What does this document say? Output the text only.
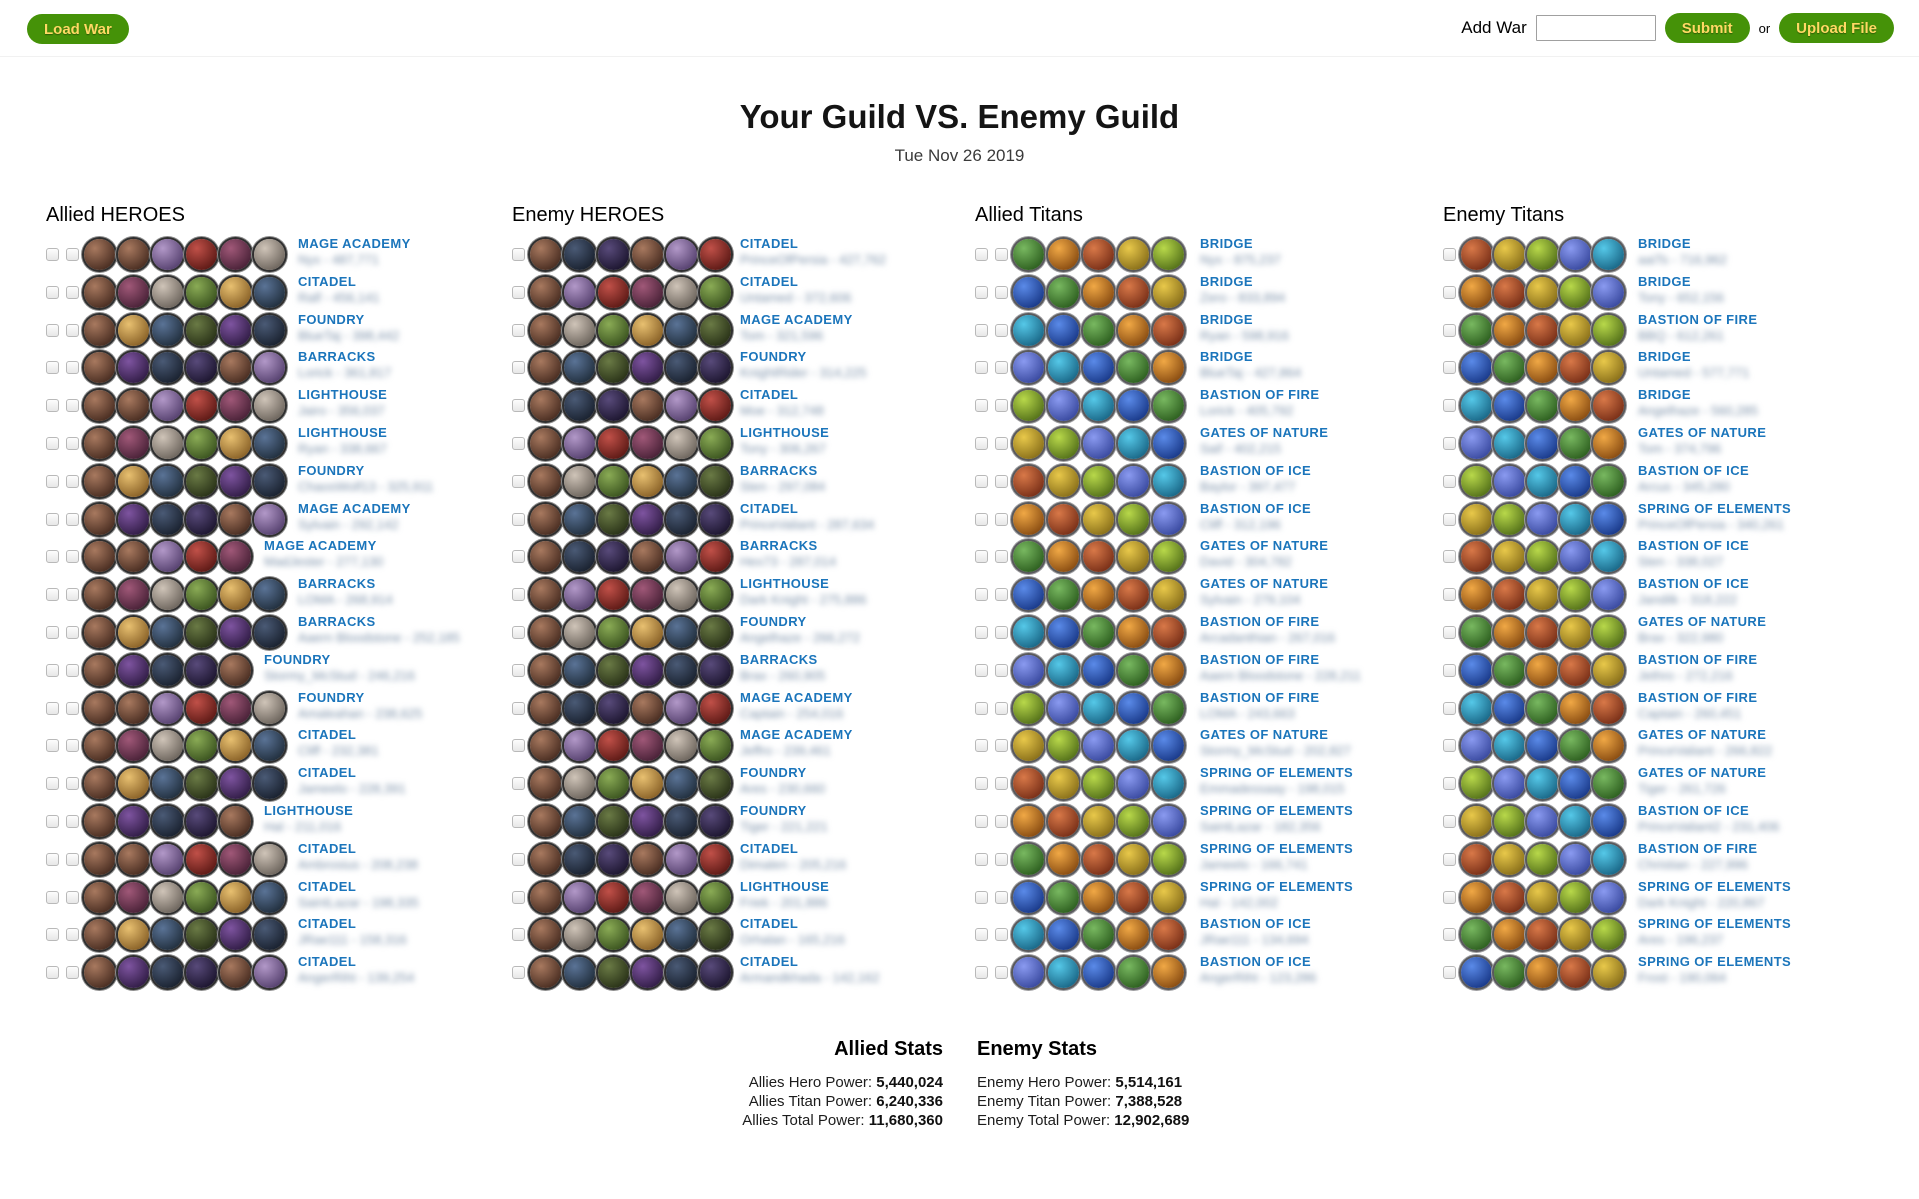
Load War	Add War	Submit	or	Upload File
Your Guild VS. Enemy Guild
Tue Nov 26 2019
Allied HEROES
MAGE ACADEMY
Nyx - 487,771
CITADEL
Ralf - 456,141
FOUNDRY
BlueTaj - 398,442
BARRACKS
Lorick - 361,817
LIGHTHOUSE
Jairo - 356,037
LIGHTHOUSE
Ryan - 338,667
FOUNDRY
ChaosWolf13 - 325,911
MAGE ACADEMY
Sylvain - 292,142
MAGE ACADEMY
MadJester - 277,130
BARRACKS
LOMA - 268,914
BARRACKS
Aaern Bloodstone - 252,185
FOUNDRY
Stormy_McStud - 246,216
FOUNDRY
Amaleahan - 238,625
CITADEL
Cliff - 232,381
CITADEL
Jameelo - 228,391
LIGHTHOUSE
Hal - 211,016
CITADEL
Ambrosius - 208,238
CITADEL
SaintLazar - 198,335
CITADEL
JRae111 - 158,316
CITADEL
AngerRiht - 139,254
Enemy HEROES
CITADEL
PrinceOfPersia - 427,762
CITADEL
Untamed - 372,606
MAGE ACADEMY
Tom - 321,596
FOUNDRY
KnightRider - 314,225
CITADEL
Moe - 312,748
LIGHTHOUSE
Tony - 306,267
BARRACKS
Sten - 297,084
CITADEL
PrinceValiant - 287,634
BARRACKS
Hex73 - 287,014
LIGHTHOUSE
Dark Knight - 275,886
FOUNDRY
Angelhaze - 266,272
BARRACKS
Brax - 260,905
MAGE ACADEMY
Captain - 254,016
MAGE ACADEMY
Jeffro - 239,461
FOUNDRY
Ares - 230,660
FOUNDRY
Tiger - 221,221
CITADEL
Dimalen - 205,216
LIGHTHOUSE
Friek - 201,886
CITADEL
Orhalan - 165,216
CITADEL
Armandkhada - 142,162
Allied Titans
BRIDGE
Nyx - 875,237
BRIDGE
Zero - 833,894
BRIDGE
Ryan - 598,916
BRIDGE
BlueTaj - 427,864
BASTION OF FIRE
Lorick - 405,792
GATES OF NATURE
Saif - 402,215
BASTION OF ICE
Baylor - 397,477
BASTION OF ICE
Cliff - 312,196
GATES OF NATURE
David - 304,782
GATES OF NATURE
Sylvain - 279,104
BASTION OF FIRE
Arcadanthian - 267,016
BASTION OF FIRE
Aaern Bloodstone - 228,211
BASTION OF FIRE
LOMA - 243,663
GATES OF NATURE
Stormy_McStud - 202,827
SPRING OF ELEMENTS
Emmadessaay - 198,015
SPRING OF ELEMENTS
SaintLazar - 182,356
SPRING OF ELEMENTS
Jameelo - 166,741
SPRING OF ELEMENTS
Hal - 142,002
BASTION OF ICE
JRae111 - 134,694
BASTION OF ICE
AngerRiht - 123,286
Enemy Titans
BRIDGE
aaiTs - 716,962
BRIDGE
Tony - 652,156
BASTION OF FIRE
BBQ - 612,261
BRIDGE
Untamed - 577,771
BRIDGE
Angelhaze - 560,285
GATES OF NATURE
Tom - 374,796
BASTION OF ICE
Arcus - 345,280
SPRING OF ELEMENTS
PrinceOfPersia - 340,261
BASTION OF ICE
Sten - 338,027
BASTION OF ICE
Jandilk - 318,222
GATES OF NATURE
Brax - 322,980
BASTION OF FIRE
Jethro - 272,216
BASTION OF FIRE
Captain - 260,451
GATES OF NATURE
PrinceValiant - 266,822
GATES OF NATURE
Tiger - 261,726
BASTION OF ICE
PrinceValiant2 - 231,406
BASTION OF FIRE
Christian - 227,996
SPRING OF ELEMENTS
Dark Knight - 220,867
SPRING OF ELEMENTS
Ares - 196,237
SPRING OF ELEMENTS
Frost - 190,064
Allied Stats
Allies Hero Power: 5,440,024
Allies Titan Power: 6,240,336
Allies Total Power: 11,680,360
Enemy Stats
Enemy Hero Power: 5,514,161
Enemy Titan Power: 7,388,528
Enemy Total Power: 12,902,689
